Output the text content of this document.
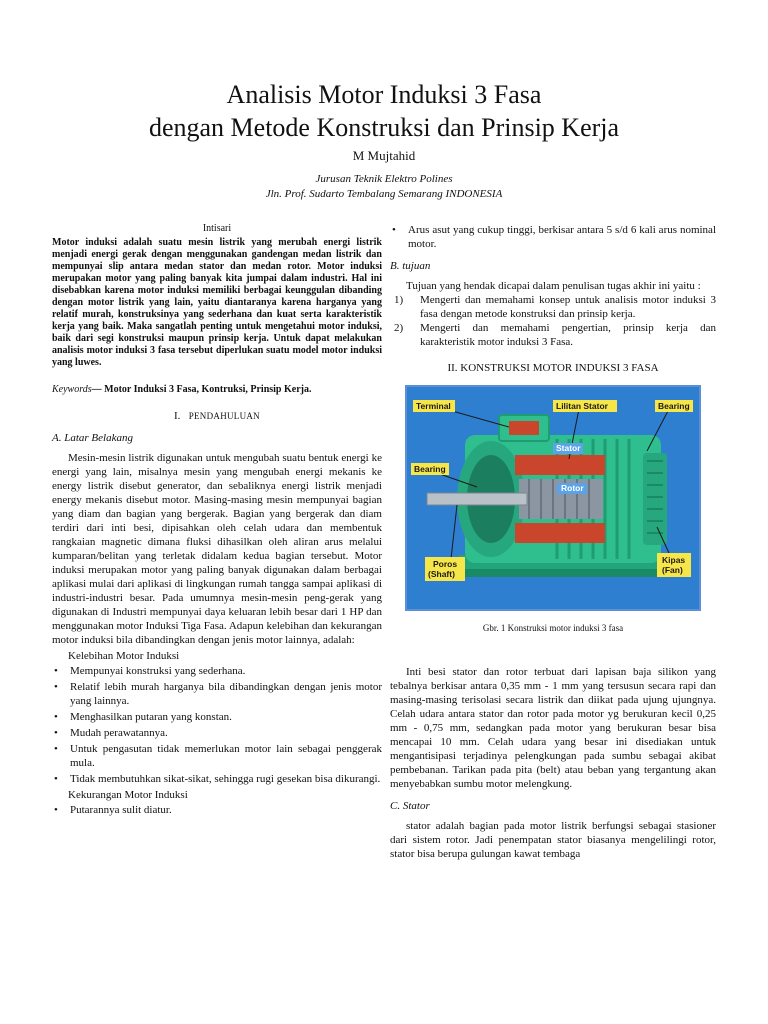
Analisis Motor Induksi 3 Fasa
dengan Metode Konstruksi dan Prinsip Kerja
M Mujtahid
Jurusan Teknik Elektro Polines
Jln. Prof. Sudarto Tembalang Semarang INDONESIA
Intisari

Motor induksi adalah suatu mesin listrik yang merubah energi listrik menjadi energi gerak dengan menggunakan gandengan medan listrik dan mempunyai slip antara medan stator dan medan rotor. Motor induksi merupakan motor yang paling banyak kita jumpai dalam industri. Hal ini disebabkan karena motor induksi memiliki berbagai keunggulan dibanding dengan motor listrik yang lain, yaitu diantaranya karena harganya yang relatif murah, konstruksinya yang sederhana dan kuat serta karakteristik kerja yang baik. Maka sangatlah penting untuk mengetahui motor induksi, baik dari segi konstruksi maupun prinsip kerja. Untuk dapat melakukan analisis motor induksi 3 fasa tersebut diperlukan suatu model motor induksi yang luwes.

Keywords— Motor Induksi 3 Fasa, Kontruksi, Prinsip Kerja.

I. PENDAHULUAN
A. Latar Belakang

Mesin-mesin listrik digunakan untuk mengubah suatu bentuk energi ke energi yang lain, misalnya mesin yang mengubah energi mekanis ke energy listrik disebut generator, dan sebaliknya energi listrik menjadi energy mekanis disebut motor. Masing-masing mesin mempunyai bagian yang diam dan bagian yang bergerak. Bagian yang bergerak dan diam terdiri dari inti besi, dipisahkan oleh celah udara dan membentuk rangkaian magnetic dimana fluksi dihasilkan oleh aliran arus melalui kumparan/belitan yang terletak didalam kedua bagian tersebut. Motor induksi merupakan motor yang paling banyak digunakan dalam berbagai aplikasi mulai dari aplikasi di lingkungan rumah tangga sampai aplikasi di industri-industri besar. Pada umumnya mesin-mesin peng-gerak yang digunakan di Industri mempunyai daya keluaran lebih besar dari 1 HP dan menggunakan motor Induksi Tiga Fasa. Adapun kelebihan dan kekurangan motor induksi bila dibandingkan dengan jenis motor lainnya, adalah:

Kelebihan Motor Induksi
• Mempunyai konstruksi yang sederhana.
• Relatif lebih murah harganya bila dibandingkan dengan jenis motor yang lainnya.
• Menghasilkan putaran yang konstan.
• Mudah perawatannya.
• Untuk pengasutan tidak memerlukan motor lain sebagai penggerak mula.
• Tidak membutuhkan sikat-sikat, sehingga rugi gesekan bisa dikurangi.
Kekurangan Motor Induksi
• Putarannya sulit diatur.
• Arus asut yang cukup tinggi, berkisar antara 5 s/d 6 kali arus nominal motor.
B. tujuan

Tujuan yang hendak dicapai dalam penulisan tugas akhir ini yaitu :

1) Mengerti dan memahami konsep untuk analisis motor induksi 3 fasa dengan metode konstruksi dan prinsip kerja.
2) Mengerti dan memahami pengertian, prinsip kerja dan karakteristik motor induksi 3 Fasa.
II. KONSTRUKSI MOTOR INDUKSI 3 FASA
Terminal	Lilitan Stator	Bearing
Bearing
Stator
Rotor
Poros
(Shaft)
Kipas
(Fan)
Gbr. 1 Konstruksi motor induksi 3 fasa

Inti besi stator dan rotor terbuat dari lapisan baja silikon yang tebalnya berkisar antara 0,35 mm - 1 mm yang tersusun secara rapi dan masing-masing terisolasi secara listrik dan diikat pada ujung ujungnya. Celah udara antara stator dan rotor pada motor yg berukuran kecil 0,25 mm - 0,75 mm, sedangkan pada motor yang berukuran besar bisa mencapai 10 mm. Celah udara yang besar ini disediakan untuk mengantisipasi terjadinya pelengkungan pada sumbu sebagai akibat pembebanan. Tarikan pada pita (belt) atau beban yang tergantung akan menyebabkan sumbu motor melengkung.

C. Stator

stator adalah bagian pada motor listrik berfungsi sebagai stasioner dari sistem rotor. Jadi penempatan stator biasanya mengelilingi rotor, stator bisa berupa gulungan kawat tembaga
